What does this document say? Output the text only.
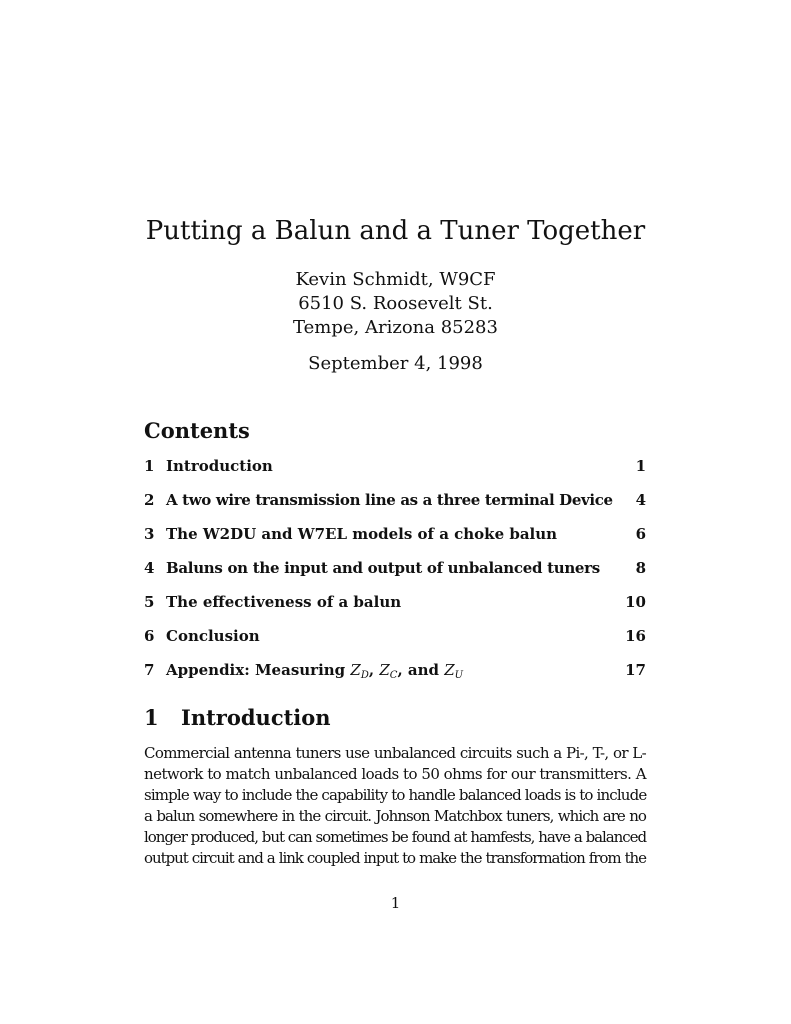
Putting a Balun and a Tuner Together
Kevin Schmidt, W9CF
6510 S. Roosevelt St.
Tempe, Arizona 85283
September 4, 1998
Contents
1 Introduction	1
2 A two wire transmission line as a three terminal Device 4
3 The W2DU and W7EL models of a choke balun	6
4 Baluns on the input and output of unbalanced tuners 8
5 The effectiveness of a balun	10
6 Conclusion	16
7 Appendix: Measuring $Z_D$, $Z_C$, and $Z_U$	17
1 Introduction
Commercial antenna tuners use unbalanced circuits such a Pi-, T-, or L-
network to match unbalanced loads to 50 ohms for our transmitters. A
simple way to include the capability to handle balanced loads is to include
a balun somewhere in the circuit. Johnson Matchbox tuners, which are no
longer produced, but can sometimes be found at hamfests, have a balanced
output circuit and a link coupled input to make the transformation from the
1
